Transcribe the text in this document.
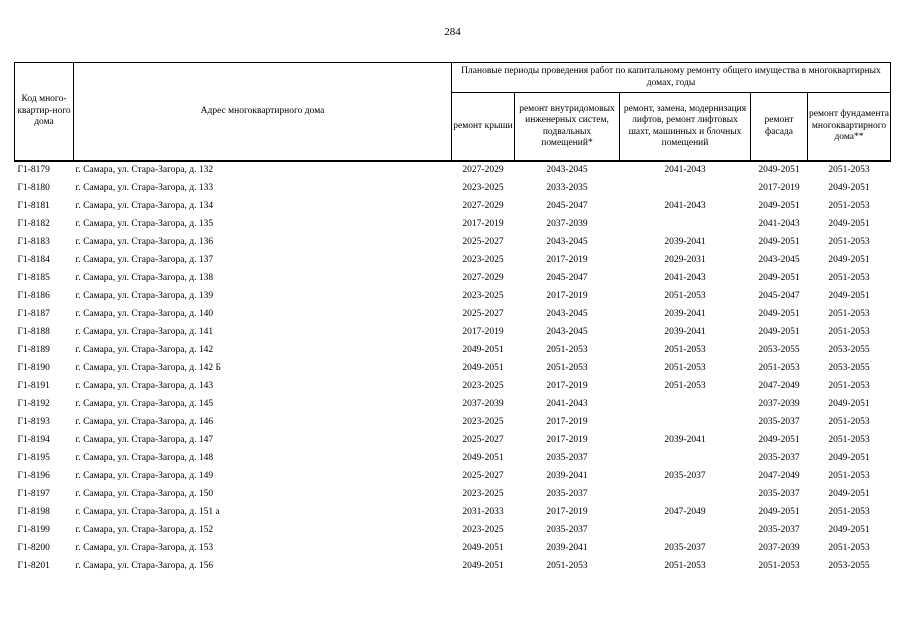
284
Код много-квартир-ного дома	Адрес многоквартирного дома	Плановые периоды проведения работ по капитальному ремонту общего имущества в многоквартирных домах, годы				
		ремонт крыши	ремонт внутридомовых инженерных систем, подвальных помещений*	ремонт, замена, модернизация лифтов, ремонт лифтовых шахт, машинных и блочных помещений	ремонт фасада	ремонт фундамента многоквартирного дома**
Г1-8179	г. Самара, ул. Стара-Загора, д. 132	2027-2029	2043-2045	2041-2043	2049-2051	2051-2053
Г1-8180	г. Самара, ул. Стара-Загора, д. 133	2023-2025	2033-2035		2017-2019	2049-2051
Г1-8181	г. Самара, ул. Стара-Загора, д. 134	2027-2029	2045-2047	2041-2043	2049-2051	2051-2053
Г1-8182	г. Самара, ул. Стара-Загора, д. 135	2017-2019	2037-2039		2041-2043	2049-2051
Г1-8183	г. Самара, ул. Стара-Загора, д. 136	2025-2027	2043-2045	2039-2041	2049-2051	2051-2053
Г1-8184	г. Самара, ул. Стара-Загора, д. 137	2023-2025	2017-2019	2029-2031	2043-2045	2049-2051
Г1-8185	г. Самара, ул. Стара-Загора, д. 138	2027-2029	2045-2047	2041-2043	2049-2051	2051-2053
Г1-8186	г. Самара, ул. Стара-Загора, д. 139	2023-2025	2017-2019	2051-2053	2045-2047	2049-2051
Г1-8187	г. Самара, ул. Стара-Загора, д. 140	2025-2027	2043-2045	2039-2041	2049-2051	2051-2053
Г1-8188	г. Самара, ул. Стара-Загора, д. 141	2017-2019	2043-2045	2039-2041	2049-2051	2051-2053
Г1-8189	г. Самара, ул. Стара-Загора, д. 142	2049-2051	2051-2053	2051-2053	2053-2055	2053-2055
Г1-8190	г. Самара, ул. Стара-Загора, д. 142 Б	2049-2051	2051-2053	2051-2053	2051-2053	2053-2055
Г1-8191	г. Самара, ул. Стара-Загора, д. 143	2023-2025	2017-2019	2051-2053	2047-2049	2051-2053
Г1-8192	г. Самара, ул. Стара-Загора, д. 145	2037-2039	2041-2043		2037-2039	2049-2051
Г1-8193	г. Самара, ул. Стара-Загора, д. 146	2023-2025	2017-2019		2035-2037	2051-2053
Г1-8194	г. Самара, ул. Стара-Загора, д. 147	2025-2027	2017-2019	2039-2041	2049-2051	2051-2053
Г1-8195	г. Самара, ул. Стара-Загора, д. 148	2049-2051	2035-2037		2035-2037	2049-2051
Г1-8196	г. Самара, ул. Стара-Загора, д. 149	2025-2027	2039-2041	2035-2037	2047-2049	2051-2053
Г1-8197	г. Самара, ул. Стара-Загора, д. 150	2023-2025	2035-2037		2035-2037	2049-2051
Г1-8198	г. Самара, ул. Стара-Загора, д. 151 а	2031-2033	2017-2019	2047-2049	2049-2051	2051-2053
Г1-8199	г. Самара, ул. Стара-Загора, д. 152	2023-2025	2035-2037		2035-2037	2049-2051
Г1-8200	г. Самара, ул. Стара-Загора, д. 153	2049-2051	2039-2041	2035-2037	2037-2039	2051-2053
Г1-8201	г. Самара, ул. Стара-Загора, д. 156	2049-2051	2051-2053	2051-2053	2051-2053	2053-2055
